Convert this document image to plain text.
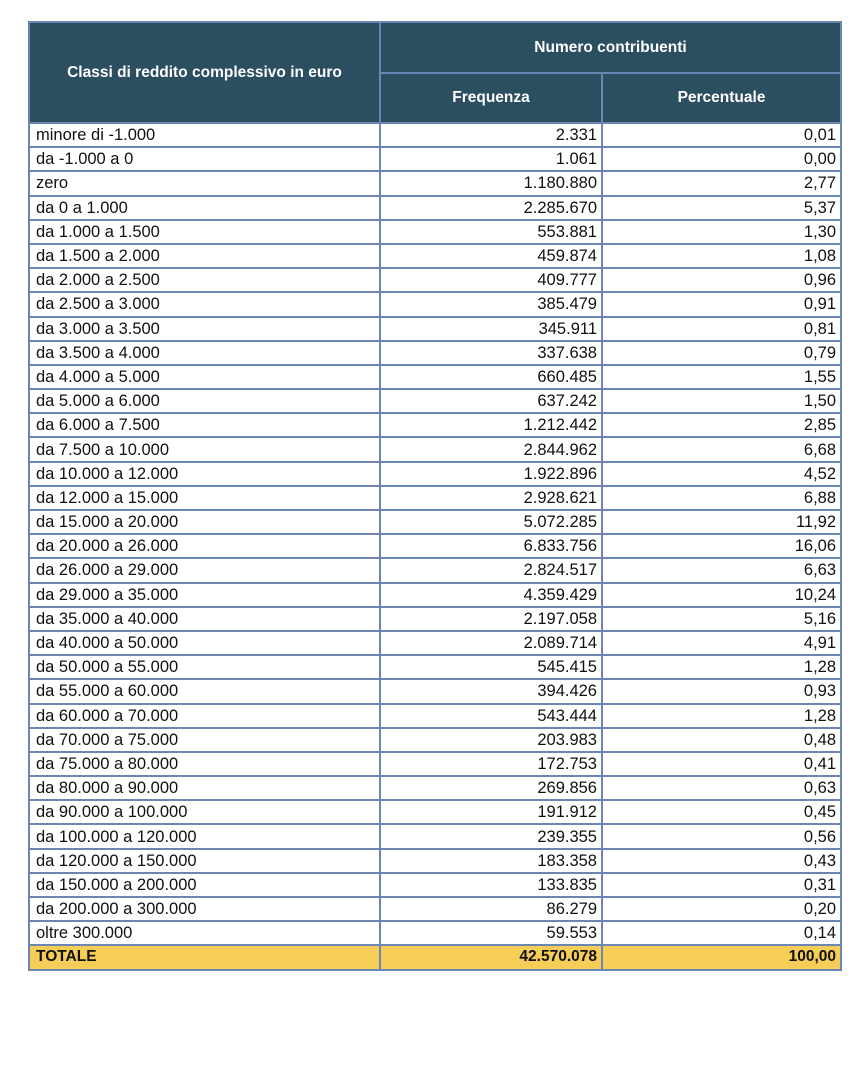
Classi di reddito complessivo in euro	Numero contribuenti	
	Frequenza	Percentuale
minore di -1.000	2.331	0,01
da -1.000 a 0	1.061	0,00
zero	1.180.880	2,77
da 0 a 1.000	2.285.670	5,37
da 1.000 a 1.500	553.881	1,30
da 1.500 a 2.000	459.874	1,08
da 2.000 a 2.500	409.777	0,96
da 2.500 a 3.000	385.479	0,91
da 3.000 a 3.500	345.911	0,81
da 3.500 a 4.000	337.638	0,79
da 4.000 a 5.000	660.485	1,55
da 5.000 a 6.000	637.242	1,50
da 6.000 a 7.500	1.212.442	2,85
da 7.500 a 10.000	2.844.962	6,68
da 10.000 a 12.000	1.922.896	4,52
da 12.000 a 15.000	2.928.621	6,88
da 15.000 a 20.000	5.072.285	11,92
da 20.000 a 26.000	6.833.756	16,06
da 26.000 a 29.000	2.824.517	6,63
da 29.000 a 35.000	4.359.429	10,24
da 35.000 a 40.000	2.197.058	5,16
da 40.000 a 50.000	2.089.714	4,91
da 50.000 a 55.000	545.415	1,28
da 55.000 a 60.000	394.426	0,93
da 60.000 a 70.000	543.444	1,28
da 70.000 a 75.000	203.983	0,48
da 75.000 a 80.000	172.753	0,41
da 80.000 a 90.000	269.856	0,63
da 90.000 a 100.000	191.912	0,45
da 100.000 a 120.000	239.355	0,56
da 120.000 a 150.000	183.358	0,43
da 150.000 a 200.000	133.835	0,31
da 200.000 a 300.000	86.279	0,20
oltre 300.000	59.553	0,14
TOTALE	42.570.078	100,00
